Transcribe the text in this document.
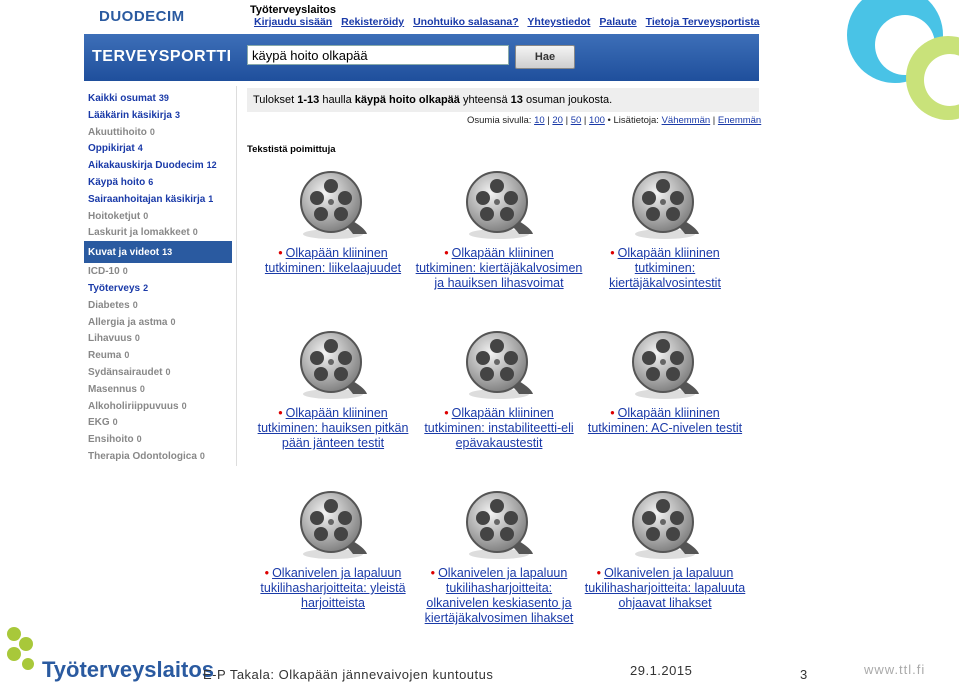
DUODECIM	Työterveyslaitos
Kirjaudu sisään Rekisteröidy Unohtuiko salasana? Yhteystiedot Palaute Tietoja Terveysportista
TERVEYSPORTTI	käypä hoito olkapää	Hae
Kaikki osumat 39
Lääkärin käsikirja 3
Akuuttihoito 0
Oppikirjat 4
Aikakauskirja Duodecim 12
Käypä hoito 6
Sairaanhoitajan käsikirja 1
Hoitoketjut 0
Laskurit ja lomakkeet 0
Kuvat ja videot 13
ICD-10 0
Työterveys 2
Diabetes 0
Allergia ja astma 0
Lihavuus 0
Reuma 0
Sydänsairaudet 0
Masennus 0
Alkoholiriippuvuus 0
EKG 0
Ensihoito 0
Therapia Odontologica 0
Tulokset 1-13 haulla käypä hoito olkapää yhteensä 13 osuman joukosta.
Osumia sivulla: 10 | 20 | 50 | 100 • Lisätietoja: Vähemmän | Enemmän
Tekstistä poimittuja
• Olkapään kliininen tutkiminen: liikelaajuudet
• Olkapään kliininen tutkiminen: kiertäjäkalvosimen ja hauiksen lihasvoimat
• Olkapään kliininen tutkiminen: kiertäjäkalvosintestit
• Olkapään kliininen tutkiminen: hauiksen pitkän pään jänteen testit
• Olkapään kliininen tutkiminen: instabiliteetti-eli epävakaustestit
• Olkapään kliininen tutkiminen: AC-nivelen testit
• Olkanivelen ja lapaluun tukilihasharjoitteita: yleistä harjoitteista
• Olkanivelen ja lapaluun tukilihasharjoitteita: olkanivelen keskiasento ja kiertäjäkalvosimen lihakset
• Olkanivelen ja lapaluun tukilihasharjoitteita: lapaluuta ohjaavat lihakset
Työterveyslaitos
E-P Takala: Olkapään jännevaivojen kuntoutus	29.1.2015	3	www.ttl.fi
